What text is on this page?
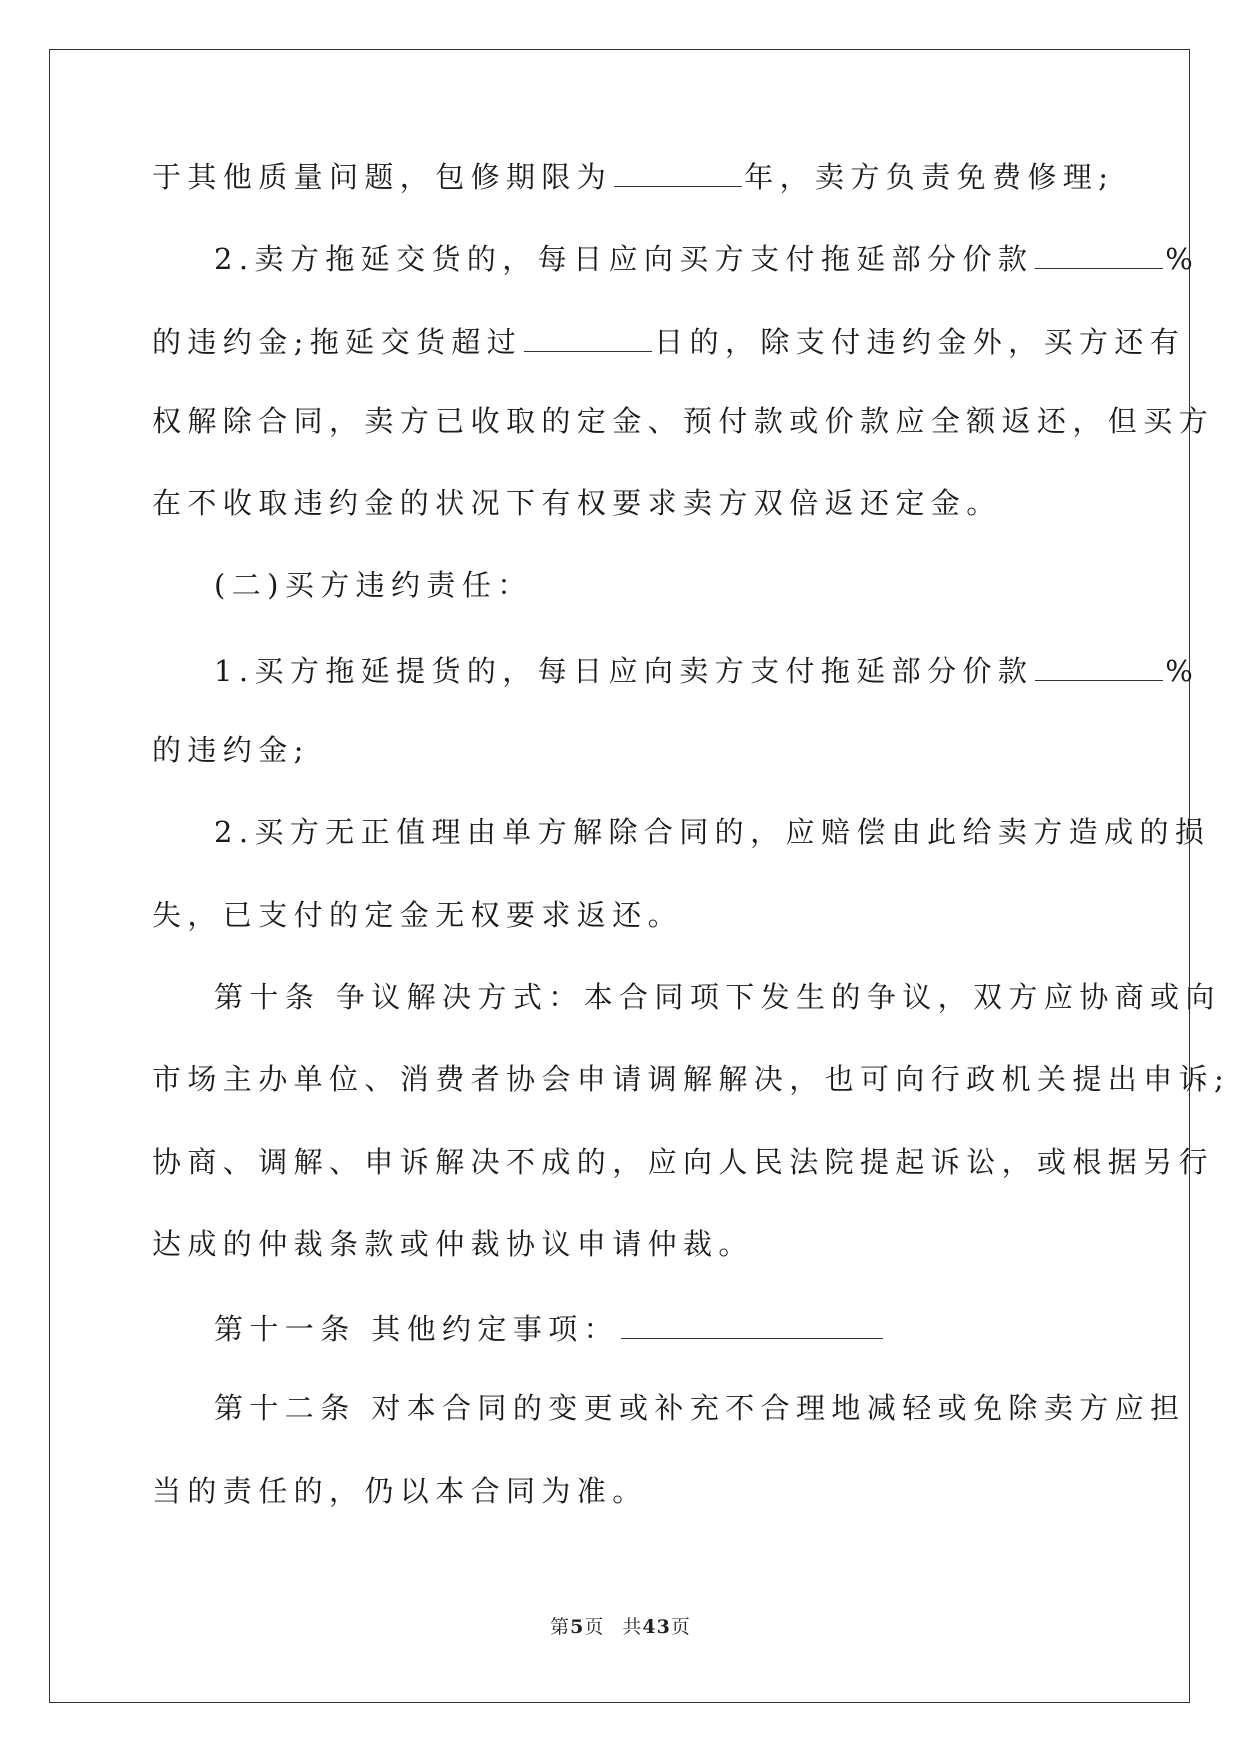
于其他质量问题，包修期限为	年，卖方负责免费修理;
2.卖方拖延交货的，每日应向买方支付拖延部分价款	%
的违约金;拖延交货超过	日的，除支付违约金外，买方还有
权解除合同，卖方已收取的定金、预付款或价款应全额返还，但买方
在不收取违约金的状况下有权要求卖方双倍返还定金。
(二)买方违约责任：
1.买方拖延提货的，每日应向卖方支付拖延部分价款	%
的违约金;
2.买方无正值理由单方解除合同的，应赔偿由此给卖方造成的损
失，已支付的定金无权要求返还。
第十条 争议解决方式：本合同项下发生的争议，双方应协商或向
市场主办单位、消费者协会申请调解解决，也可向行政机关提出申诉;
协商、调解、申诉解决不成的，应向人民法院提起诉讼，或根据另行
达成的仲裁条款或仲裁协议申请仲裁。
第十一条 其他约定事项：
第十二条 对本合同的变更或补充不合理地减轻或免除卖方应担
当的责任的，仍以本合同为准。
第5页 共43页
